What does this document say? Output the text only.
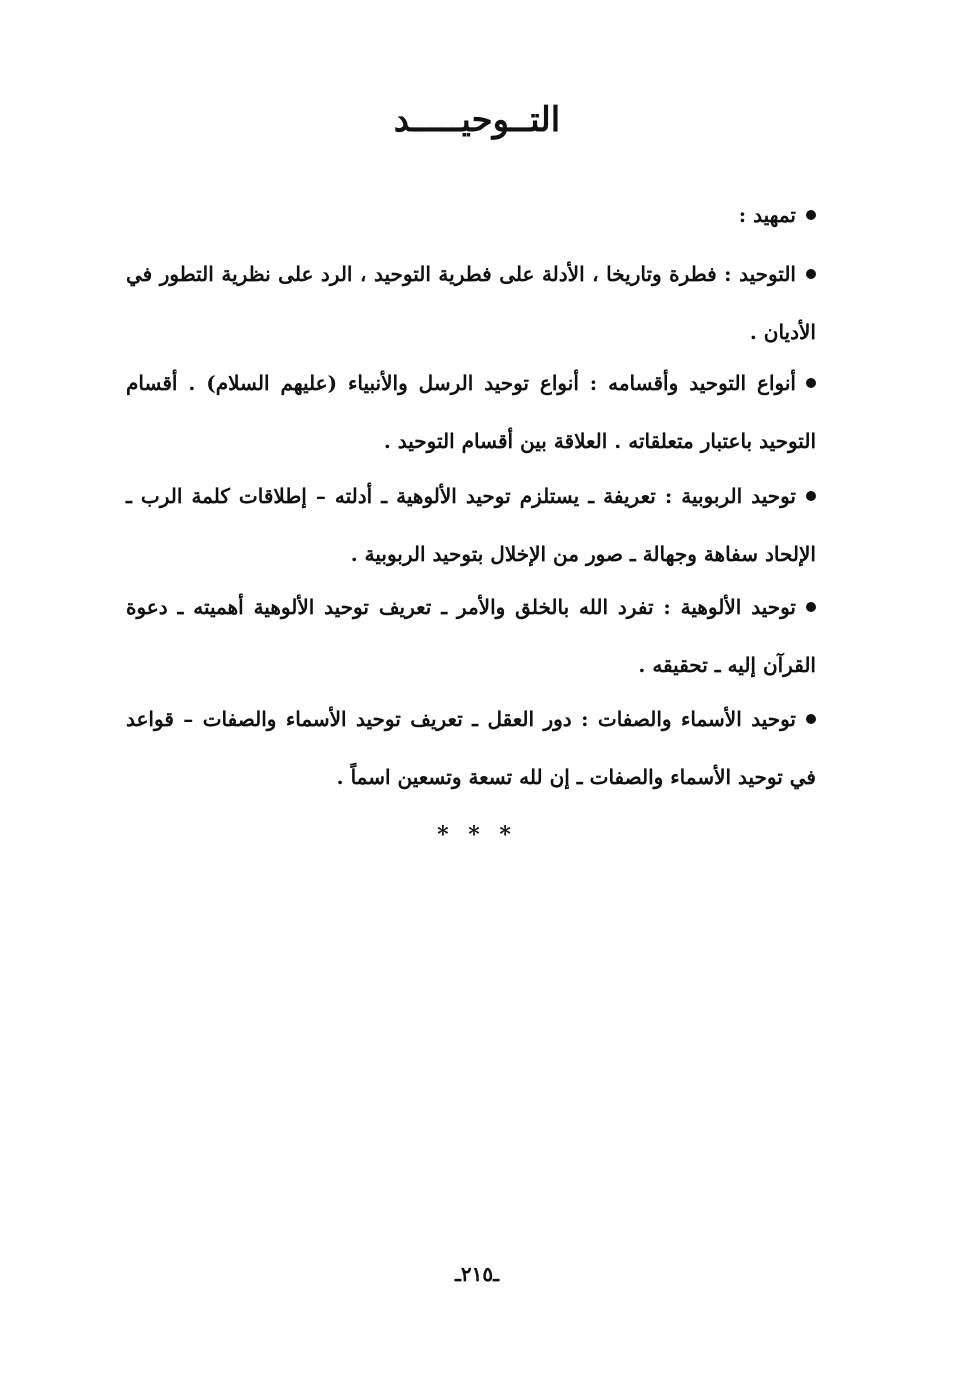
التــوحيـــــد
تمهيد :
التوحيد : فطرة وتاريخا ، الأدلة على فطرية التوحيد ، الرد على نظرية التطور في الأديان .
أنواع التوحيد وأقسامه : أنواع توحيد الرسل والأنبياء (عليهم السلام) . أقسام التوحيد باعتبار متعلقاته . العلاقة بين أقسام التوحيد .
توحيد الربوبية : تعريفة ـ يستلزم توحيد الألوهية ـ أدلته – إطلاقات كلمة الرب ـ الإلحاد سفاهة وجهالة ـ صور من الإخلال بتوحيد الربوبية .
توحيد الألوهية : تفرد الله بالخلق والأمر ـ تعريف توحيد الألوهية أهميته ـ دعوة القرآن إليه ـ تحقيقه .
توحيد الأسماء والصفات : دور العقل ـ تعريف توحيد الأسماء والصفات – قواعد في توحيد الأسماء والصفات ـ إن لله تسعة وتسعين اسماً .
* * *
ـ٢١٥ـ
